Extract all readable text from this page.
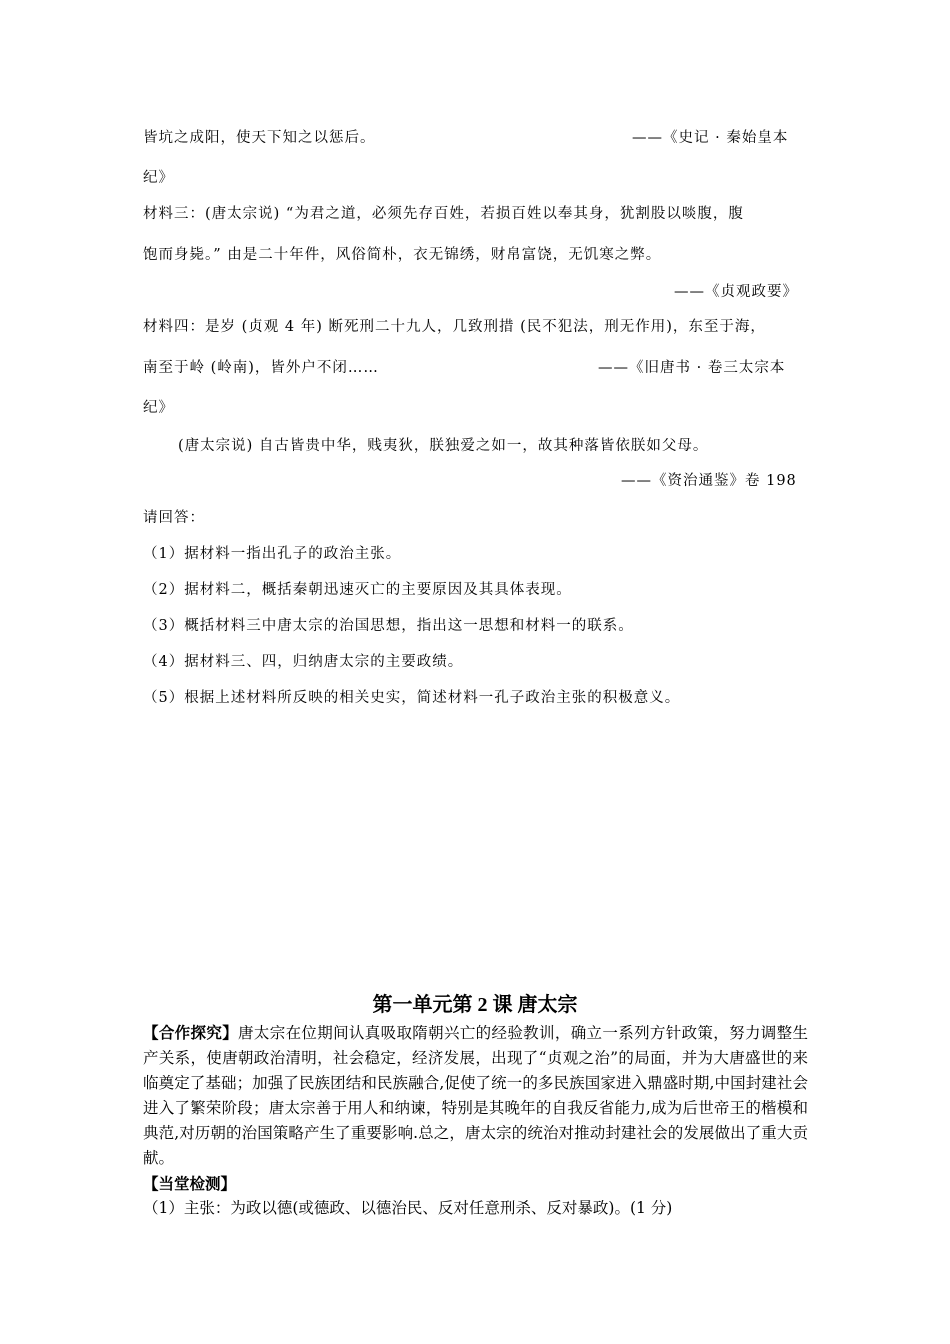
皆坑之成阳，使天下知之以惩后。	——《史记 · 秦始皇本
纪》
材料三：(唐太宗说) “为君之道，必须先存百姓，若损百姓以奉其身，犹割股以啖腹，腹
饱而身毙。” 由是二十年件，风俗简朴，衣无锦绣，财帛富饶，无饥寒之弊。
——《贞观政要》
材料四：是岁 (贞观 4 年) 断死刑二十九人，几致刑措 (民不犯法，刑无作用)，东至于海，
南至于岭 (岭南)，皆外户不闭……	——《旧唐书 · 卷三太宗本
纪》
(唐太宗说) 自古皆贵中华，贱夷狄，朕独爱之如一，故其种落皆依朕如父母。
——《资治通鉴》卷 198
请回答：
（1）据材料一指出孔子的政治主张。
（2）据材料二，概括秦朝迅速灭亡的主要原因及其具体表现。
（3）概括材料三中唐太宗的治国思想，指出这一思想和材料一的联系。
（4）据材料三、四，归纳唐太宗的主要政绩。
（5）根据上述材料所反映的相关史实，简述材料一孔子政治主张的积极意义。
第一单元第 2 课 唐太宗
【合作探究】唐太宗在位期间认真吸取隋朝兴亡的经验教训，确立一系列方针政策，努力调整生产关系，使唐朝政治清明，社会稳定，经济发展，出现了“贞观之治”的局面，并为大唐盛世的来临奠定了基础；加强了民族团结和民族融合,促使了统一的多民族国家进入鼎盛时期,中国封建社会进入了繁荣阶段；唐太宗善于用人和纳谏，特别是其晚年的自我反省能力,成为后世帝王的楷模和典范,对历朝的治国策略产生了重要影响.总之，唐太宗的统治对推动封建社会的发展做出了重大贡献。
【当堂检测】
（1）主张：为政以德(或德政、以德治民、反对任意刑杀、反对暴政)。(1 分)
